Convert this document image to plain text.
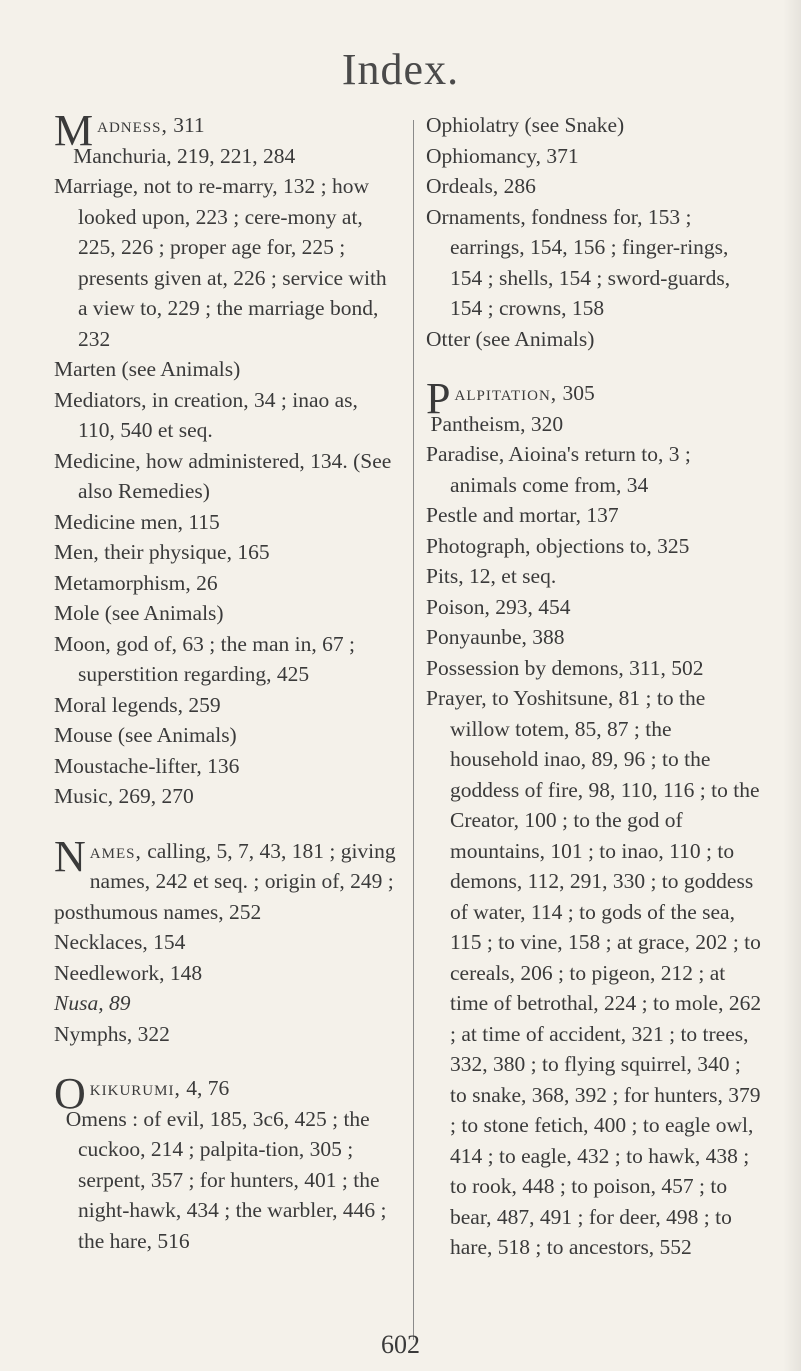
Index.
Madness, 311
Manchuria, 219, 221, 284
Marriage, not to re-marry, 132 ; how looked upon, 223 ; cere-mony at, 225, 226 ; proper age for, 225 ; presents given at, 226 ; service with a view to, 229 ; the marriage bond, 232
Marten (see Animals)
Mediators, in creation, 34 ; inao as, 110, 540 et seq.
Medicine, how administered, 134. (See also Remedies)
Medicine men, 115
Men, their physique, 165
Metamorphism, 26
Mole (see Animals)
Moon, god of, 63 ; the man in, 67 ; superstition regarding, 425
Moral legends, 259
Mouse (see Animals)
Moustache-lifter, 136
Music, 269, 270
Names, calling, 5, 7, 43, 181 ; giving names, 242 et seq. ; origin of, 249 ; posthumous names, 252
Necklaces, 154
Needlework, 148
Nusa, 89
Nymphs, 322
Okikurumi, 4, 76
Omens : of evil, 185, 3c6, 425 ; the cuckoo, 214 ; palpita-tion, 305 ; serpent, 357 ; for hunters, 401 ; the night-hawk, 434 ; the warbler, 446 ; the hare, 516
Ophiolatry (see Snake)
Ophiomancy, 371
Ordeals, 286
Ornaments, fondness for, 153 ; earrings, 154, 156 ; finger-rings, 154 ; shells, 154 ; sword-guards, 154 ; crowns, 158
Otter (see Animals)
Palpitation, 305
Pantheism, 320
Paradise, Aioina's return to, 3 ; animals come from, 34
Pestle and mortar, 137
Photograph, objections to, 325
Pits, 12, et seq.
Poison, 293, 454
Ponyaunbe, 388
Possession by demons, 311, 502
Prayer, to Yoshitsune, 81 ; to the willow totem, 85, 87 ; the household inao, 89, 96 ; to the goddess of fire, 98, 110, 116 ; to the Creator, 100 ; to the god of mountains, 101 ; to inao, 110 ; to demons, 112, 291, 330 ; to goddess of water, 114 ; to gods of the sea, 115 ; to vine, 158 ; at grace, 202 ; to cereals, 206 ; to pigeon, 212 ; at time of betrothal, 224 ; to mole, 262 ; at time of accident, 321 ; to trees, 332, 380 ; to flying squirrel, 340 ; to snake, 368, 392 ; for hunters, 379 ; to stone fetich, 400 ; to eagle owl, 414 ; to eagle, 432 ; to hawk, 438 ; to rook, 448 ; to poison, 457 ; to bear, 487, 491 ; for deer, 498 ; to hare, 518 ; to ancestors, 552
602
